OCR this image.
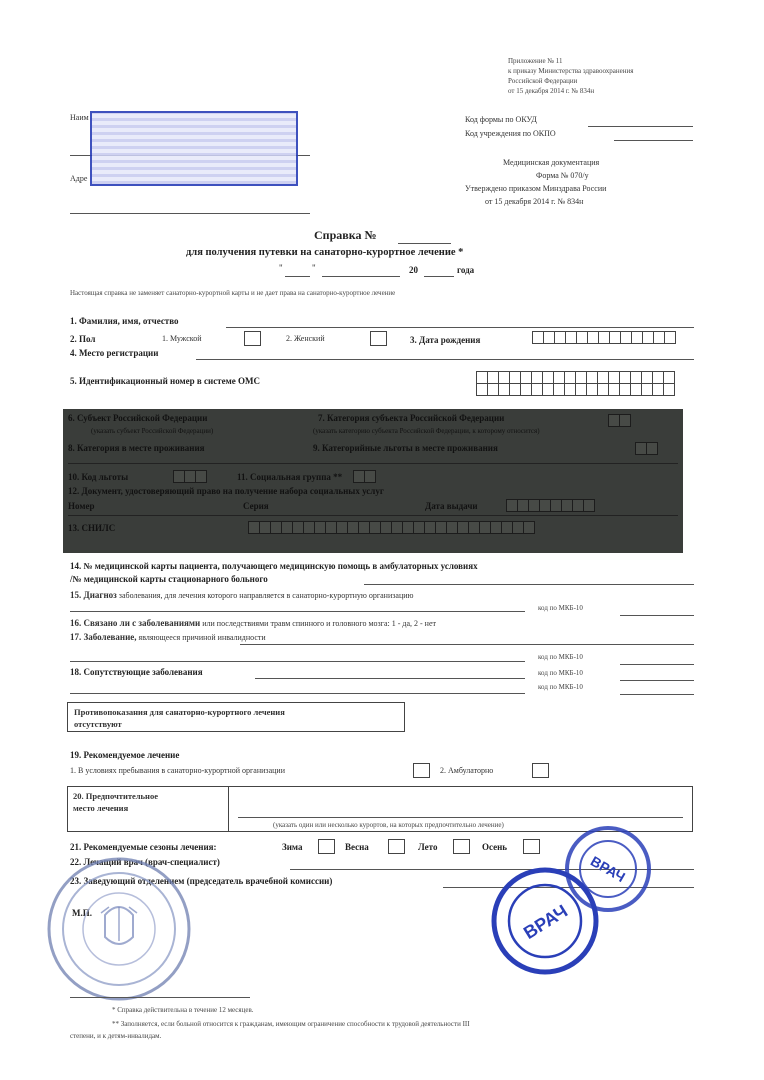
Приложение № 11
к приказу Министерства здравоохранения
Российской Федерации
от 15 декабря 2014 г. № 834н
Наим
Адре
Код формы по ОКУД
Код учреждения по ОКПО
Медицинская документация
Форма № 070/у
Утверждено приказом Минздрава России
от 15 декабря 2014 г. № 834н
Справка №
для получения путевки на санаторно-курортное лечение *
"	"	20	года
Настоящая справка не заменяет санаторно-курортной карты и не дает права на санаторно-курортное лечение
1. Фамилия, имя, отчество
2. Пол	1. Мужской	2. Женский	3. Дата рождения
4. Место регистрации
5. Идентификационный номер в системе ОМС
6. Субъект Российской Федерации	7. Категория субъекта Российской Федерации
(указать субъект Российской Федерации)	(указать категорию субъекта Российской Федерации, к которому относится)
8. Категория в месте проживания	9. Категорийные льготы в месте проживания
10. Код льготы	11. Социальная группа **
12. Документ, удостоверяющий право на получение набора социальных услуг
Номер	Серия	Дата выдачи
13. СНИЛС
14. № медицинской карты пациента, получающего медицинскую помощь в амбулаторных условиях
/№ медицинской карты стационарного больного
15. Диагноз заболевания, для лечения которого направляется в санаторно-курортную организацию
код по МКБ-10
16. Связано ли с заболеваниями или последствиями травм спинного и головного мозга: 1 - да, 2 - нет
17. Заболевание, являющееся причиной инвалидности
код по МКБ-10
18. Сопутствующие заболевания	код по МКБ-10
код по МКБ-10
Противопоказания для санаторно-курортного лечения
отсутствуют
19. Рекомендуемое лечение
1. В условиях пребывания в санаторно-курортной организации	2. Амбулаторно
20. Предпочтительное
место лечения
(указать один или несколько курортов, на которых предпочтительно лечение)
21. Рекомендуемые сезоны лечения:	Зима	Весна	Лето	Осень
22. Лечащий врач (врач-специалист)
23. Заведующий отделением (председатель врачебной комиссии)
М.П.	ВРАЧ
ВРАЧ
* Справка действительна в течение 12 месяцев.
** Заполняется, если больной относится к гражданам, имеющим ограничение способности к трудовой деятельности III
степени, и к детям-инвалидам.
